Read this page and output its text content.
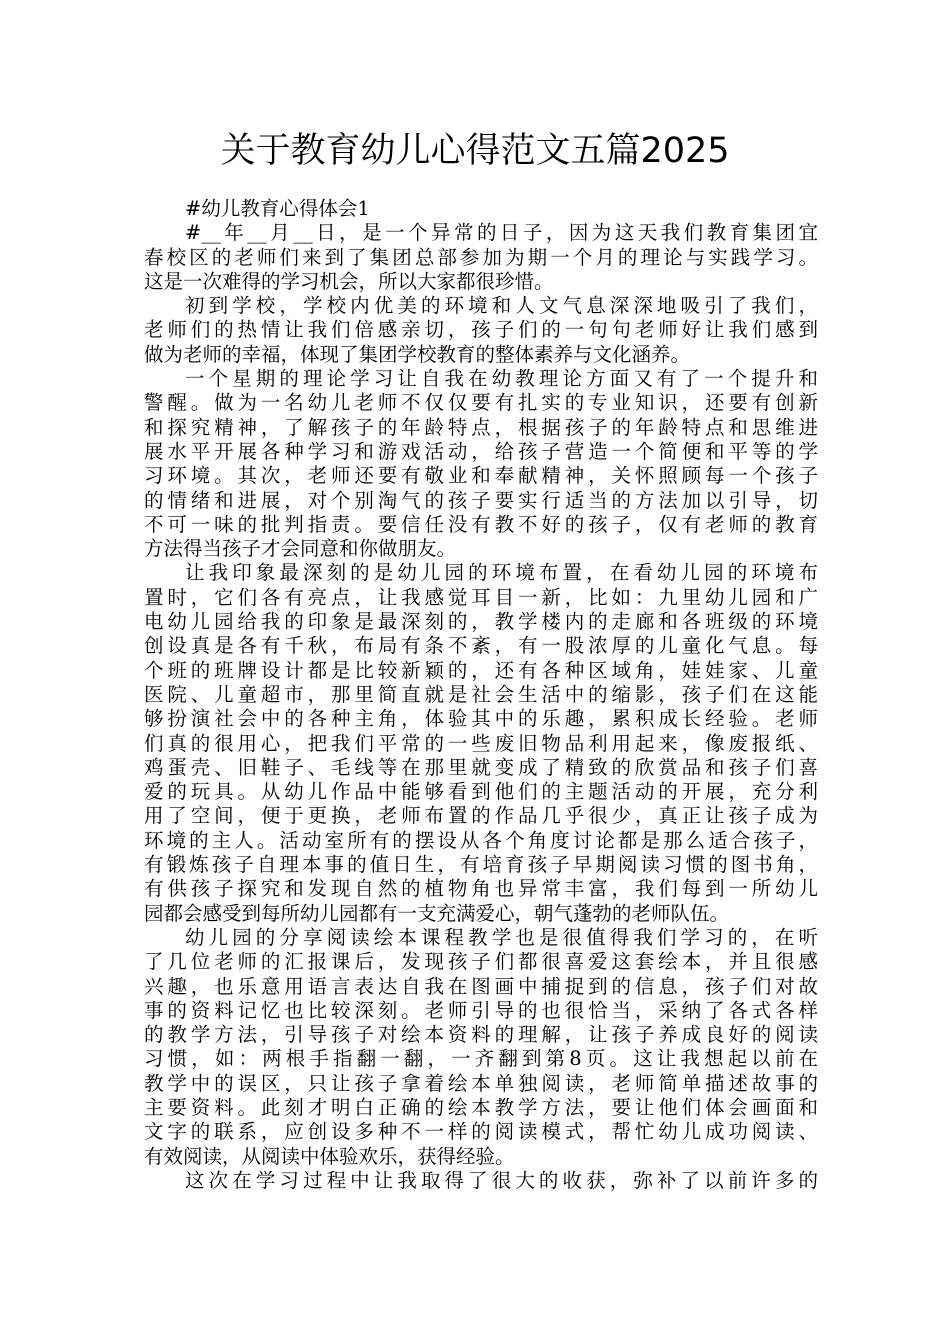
关于教育幼儿心得范文五篇2025
#幼儿教育心得体会1
#__年__月__日，是一个异常的日子，因为这天我们教育集团宜
春校区的老师们来到了集团总部参加为期一个月的理论与实践学习。
这是一次难得的学习机会，所以大家都很珍惜。
初到学校，学校内优美的环境和人文气息深深地吸引了我们，
老师们的热情让我们倍感亲切，孩子们的一句句老师好让我们感到
做为老师的幸福，体现了集团学校教育的整体素养与文化涵养。
一个星期的理论学习让自我在幼教理论方面又有了一个提升和
警醒。做为一名幼儿老师不仅仅要有扎实的专业知识，还要有创新
和探究精神，了解孩子的年龄特点，根据孩子的年龄特点和思维进
展水平开展各种学习和游戏活动，给孩子营造一个简便和平等的学
习环境。其次，老师还要有敬业和奉献精神，关怀照顾每一个孩子
的情绪和进展，对个别淘气的孩子要实行适当的方法加以引导，切
不可一味的批判指责。要信任没有教不好的孩子，仅有老师的教育
方法得当孩子才会同意和你做朋友。
让我印象最深刻的是幼儿园的环境布置，在看幼儿园的环境布
置时，它们各有亮点，让我感觉耳目一新，比如：九里幼儿园和广
电幼儿园给我的印象是最深刻的，教学楼内的走廊和各班级的环境
创设真是各有千秋，布局有条不紊，有一股浓厚的儿童化气息。每
个班的班牌设计都是比较新颖的，还有各种区域角，娃娃家、儿童
医院、儿童超市，那里简直就是社会生活中的缩影，孩子们在这能
够扮演社会中的各种主角，体验其中的乐趣，累积成长经验。老师
们真的很用心，把我们平常的一些废旧物品利用起来，像废报纸、
鸡蛋壳、旧鞋子、毛线等在那里就变成了精致的欣赏品和孩子们喜
爱的玩具。从幼儿作品中能够看到他们的主题活动的开展，充分利
用了空间，便于更换，老师布置的作品几乎很少，真正让孩子成为
环境的主人。活动室所有的摆设从各个角度讨论都是那么适合孩子，
有锻炼孩子自理本事的值日生，有培育孩子早期阅读习惯的图书角，
有供孩子探究和发现自然的植物角也异常丰富，我们每到一所幼儿
园都会感受到每所幼儿园都有一支充满爱心，朝气蓬勃的老师队伍。
幼儿园的分享阅读绘本课程教学也是很值得我们学习的，在听
了几位老师的汇报课后，发现孩子们都很喜爱这套绘本，并且很感
兴趣，也乐意用语言表达自我在图画中捕捉到的信息，孩子们对故
事的资料记忆也比较深刻。老师引导的也很恰当，采纳了各式各样
的教学方法，引导孩子对绘本资料的理解，让孩子养成良好的阅读
习惯，如：两根手指翻一翻，一齐翻到第8页。这让我想起以前在
教学中的误区，只让孩子拿着绘本单独阅读，老师简单描述故事的
主要资料。此刻才明白正确的绘本教学方法，要让他们体会画面和
文字的联系，应创设多种不一样的阅读模式，帮忙幼儿成功阅读、
有效阅读，从阅读中体验欢乐，获得经验。
这次在学习过程中让我取得了很大的收获，弥补了以前许多的
